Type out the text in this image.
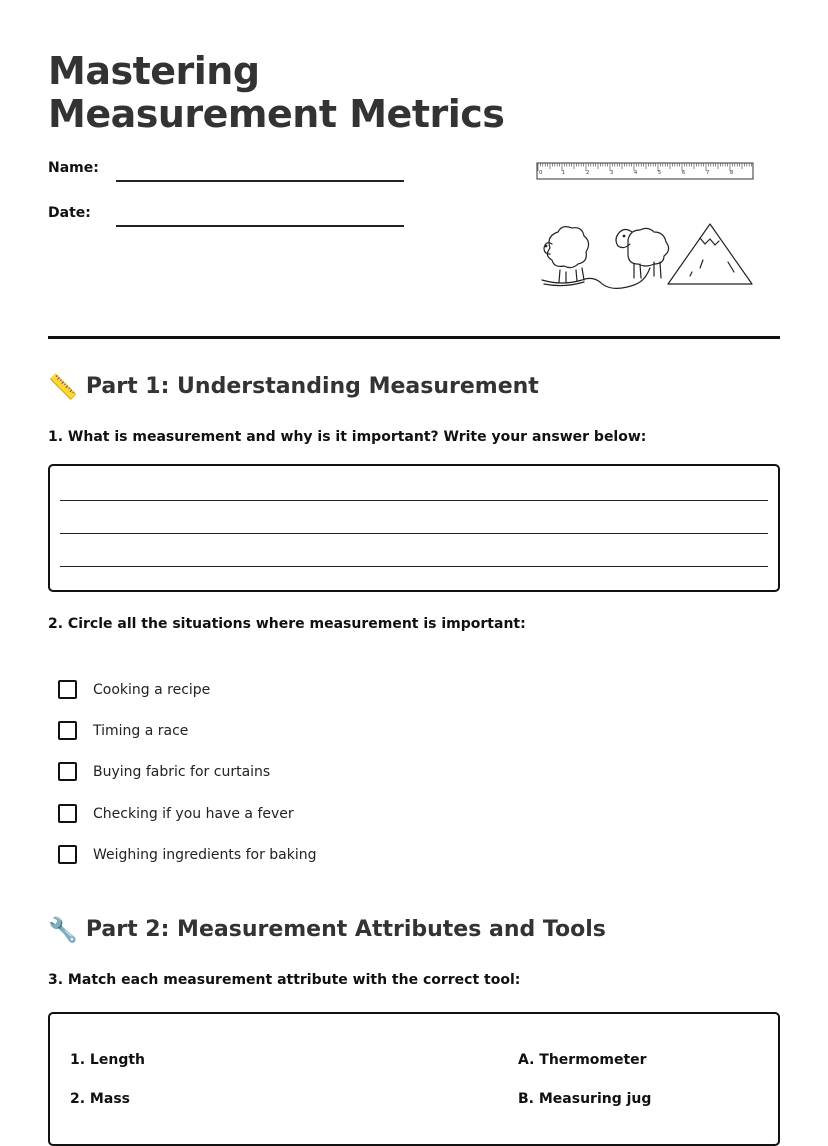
Mastering
Measurement Metrics
Name:
Date:
0	1	2	3	4	5	6	7	8
📏 Part 1: Understanding Measurement
1. What is measurement and why is it important? Write your answer below:
2. Circle all the situations where measurement is important:
Cooking a recipe
Timing a race
Buying fabric for curtains
Checking if you have a fever
Weighing ingredients for baking
🔧 Part 2: Measurement Attributes and Tools
3. Match each measurement attribute with the correct tool:
1. Length	A. Thermometer
2. Mass	B. Measuring jug
